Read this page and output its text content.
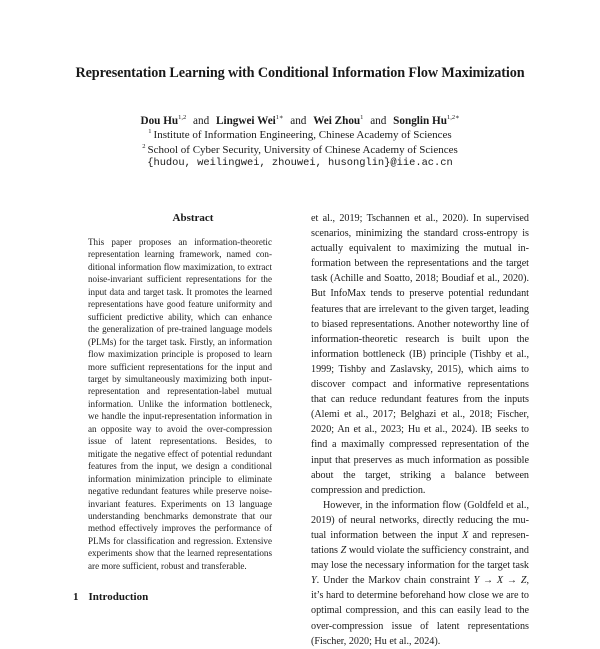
Representation Learning with Conditional Information Flow Maximization
Dou Hu$^{1,2}$ and Lingwei Wei$^{1∗}$ and Wei Zhou$^1$ and Songlin $Hu^{1,2∗}$
$^1$ Institute of Information Engineering, Chinese Academy of Sciences
$^2$ School of Cyber Security, University of Chinese Academy of Sciences
{hudou, weilingwei, zhouwei, husonglin}@iie.ac.cn
Abstract
This paper proposes an information-theoretic representation learning framework, named conditional information flow maximization, to extract noise-invariant sufficient representations for the input data and target task. It promotes the learned representations have good feature uniformity and sufficient predictive ability, which can enhance the generalization of pre-trained language models (PLMs) for the target task. Firstly, an information flow maximization principle is proposed to learn more sufficient representations for the input and target by simultaneously maximizing both input-representation and representation-label mutual information. Unlike the information bottleneck, we handle the input-representation information in an opposite way to avoid the over-compression issue of latent representations. Besides, to mitigate the negative effect of potential redundant features from the input, we design a conditional information minimization principle to eliminate negative redundant features while preserve noise-invariant features. Experiments on 13 language understanding benchmarks demonstrate that our method effectively improves the performance of PLMs for classification and regression. Extensive experiments show that the learned representations are more sufficient, robust and transferable.
1 Introduction

et al., 2019; Tschannen et al., 2020). In supervised scenarios, minimizing the standard cross-entropy is actually equivalent to maximizing the mutual information between the representations and the target task (Achille and Soatto, 2018; Boudiaf et al., 2020). But InfoMax tends to preserve potential redundant features that are irrelevant to the given target, leading to biased representations. Another noteworthy line of information-theoretic research is built upon the information bottleneck (IB) principle (Tishby et al., 1999; Tishby and Zaslavsky, 2015), which aims to discover compact and informative representations that can reduce redundant features from the inputs (Alemi et al., 2017; Belghazi et al., 2018; Fischer, 2020; An et al., 2023; Hu et al., 2024). IB seeks to find a maximally compressed representation of the input that preserves as much information as possible about the target, striking a balance between compression and prediction.

However, in the information flow (Goldfeld et al., 2019) of neural networks, directly reducing the mutual information between the input X and representations Z would violate the sufficiency constraint, and may lose the necessary information for the target task Y. Under the Markov chain constraint Y → X → Z, it’s hard to determine beforehand how close we are to optimal compression, and this can easily lead to the over-compression issue of latent representations (Fischer, 2020; Hu et al., 2024).
